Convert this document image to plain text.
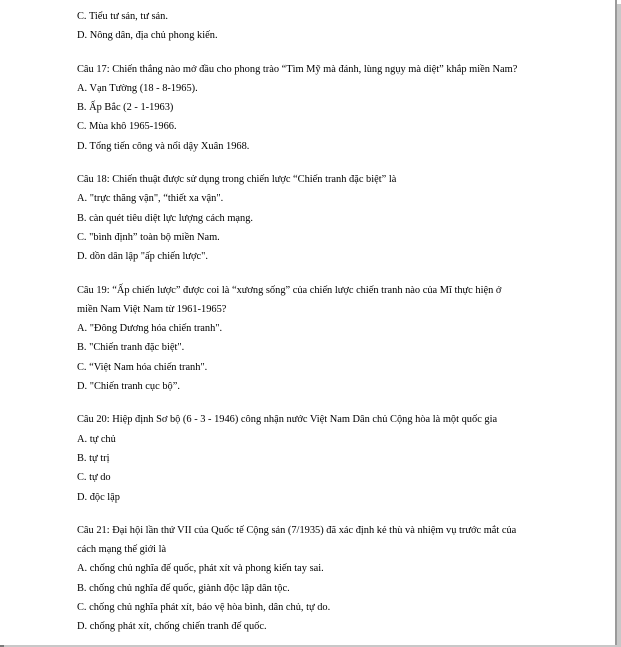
C. Tiểu tư sản, tư sản.
D. Nông dân, địa chủ phong kiến.
Câu 17: Chiến thắng nào mở đầu cho phong trào “Tìm Mỹ mà đánh, lùng ngụy mà diệt” khắp miền Nam?
A. Vạn Tường (18 - 8-1965).
B. Ấp Bắc (2 - 1-1963)
C. Mùa khô 1965-1966.
D. Tổng tiến công và nổi dậy Xuân 1968.
Câu 18: Chiến thuật được sử dụng trong chiến lược “Chiến tranh đặc biệt” là
A. "trực thăng vận", “thiết xa vận".
B. càn quét tiêu diệt lực lượng cách mạng.
C. "bình định” toàn bộ miền Nam.
D. dồn dân lập "ấp chiến lược".
Câu 19: “Ấp chiến lược” được coi là “xương sống” của chiến lược chiến tranh nào của Mĩ thực hiện ở
miền Nam Việt Nam từ 1961-1965?
A. "Đông Dương hóa chiến tranh".
B. "Chiến tranh đặc biệt".
C. “Việt Nam hóa chiến tranh".
D. "Chiến tranh cục bộ”.
Câu 20: Hiệp định Sơ bộ (6 - 3 - 1946) công nhận nước Việt Nam Dân chủ Cộng hòa là một quốc gia
A. tự chủ
B. tự trị
C. tự do
D. độc lập
Câu 21: Đại hội lần thứ VII của Quốc tế Cộng sản (7/1935) đã xác định kẻ thù và nhiệm vụ trước mắt của
cách mạng thế giới là
A. chống chủ nghĩa đế quốc, phát xít và phong kiến tay sai.
B. chống chủ nghĩa đế quốc, giành độc lập dân tộc.
C. chống chủ nghĩa phát xít, bảo vệ hòa bình, dân chủ, tự do.
D. chống phát xít, chống chiến tranh đế quốc.
